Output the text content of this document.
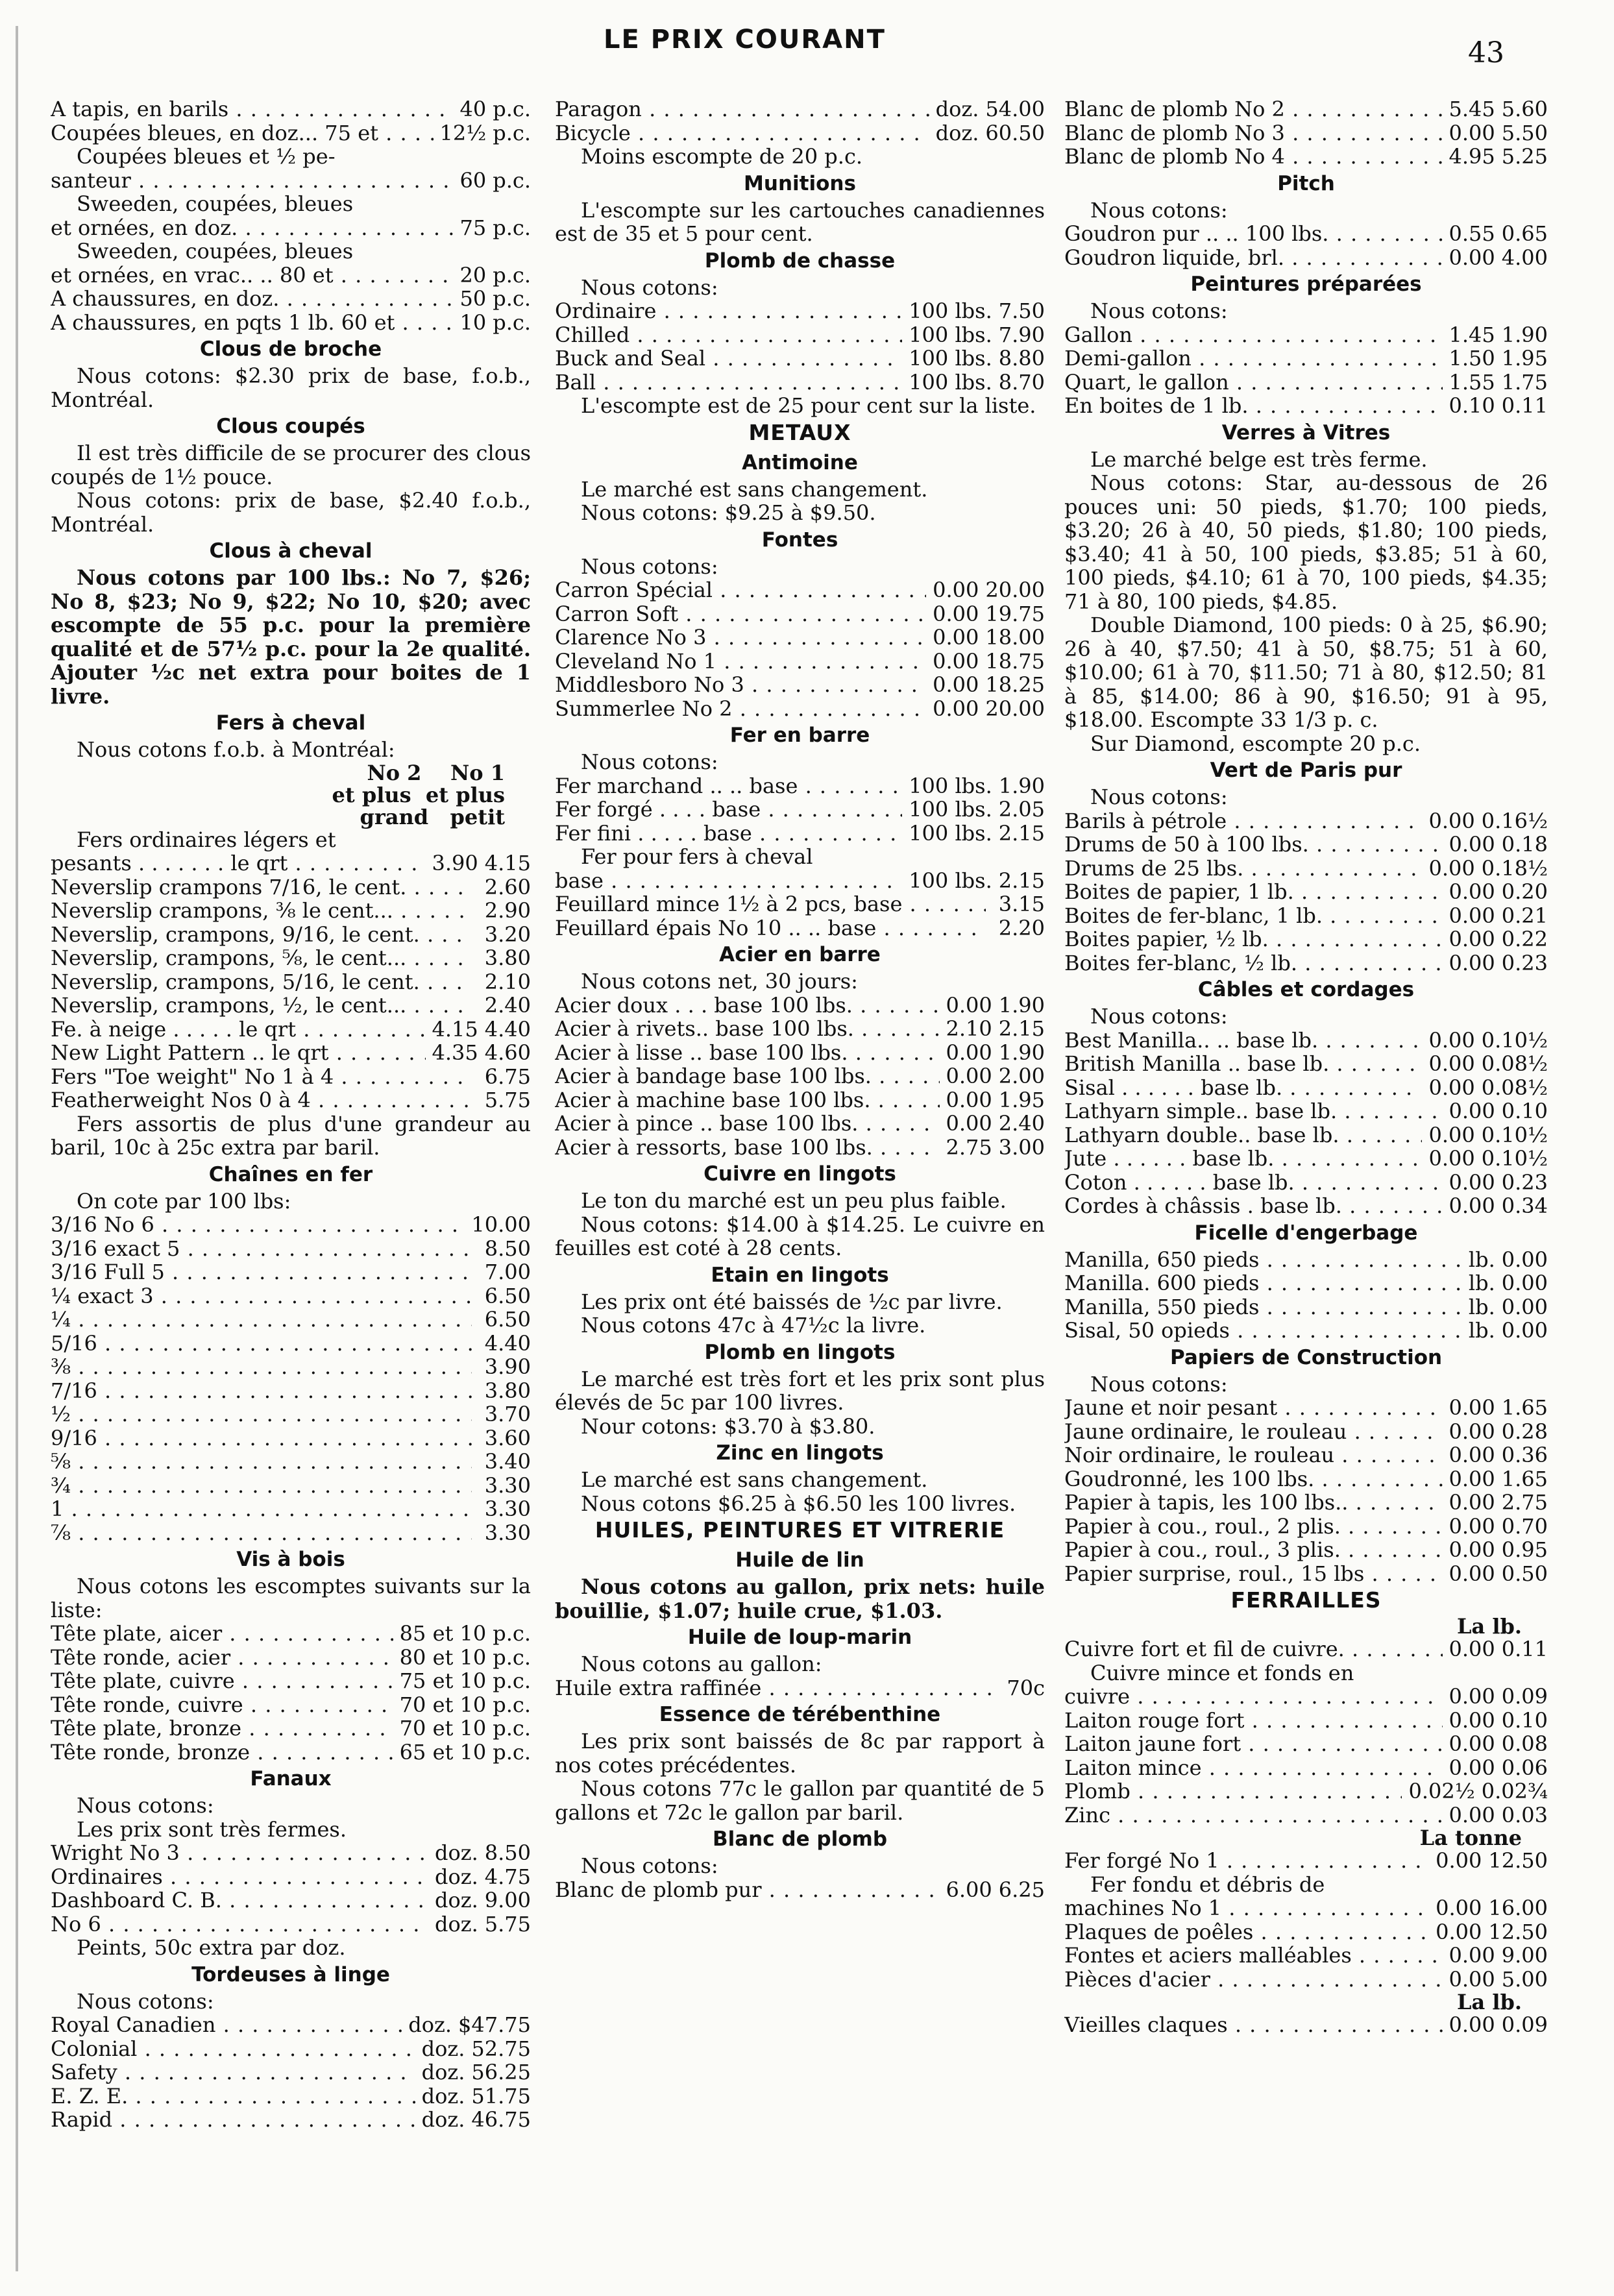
LE PRIX COURANT	43
A tapis, en barils . . .	40 p.c.
Coupées bleues, en doz... 75 et . . .	12½ p.c.
Coupées bleues et ½ pe-
santeur . . .	60 p.c.
Sweeden, coupées, bleues
et ornées, en doz. . . .	75 p.c.
Sweeden, coupées, bleues
et ornées, en vrac.. .. 80 et . . .	20 p.c.
A chaussures, en doz. . . .	50 p.c.
A chaussures, en pqts 1 lb. 60 et . . .	10 p.c.
Clous de broche
Nous cotons: $2.30 prix de base, f.o.b., Montréal.
Clous coupés
Il est très difficile de se procurer des clous coupés de 1½ pouce.
Nous cotons: prix de base, $2.40 f.o.b., Montréal.
Clous à cheval
Nous cotons par 100 lbs.: No 7, $26; No 8, $23; No 9, $22; No 10, $20; avec escompte de 55 p.c. pour la première qualité et de 57½ p.c. pour la 2e qualité. Ajouter ½c net extra pour boites de 1 livre.
Fers à cheval
Nous cotons f.o.b. à Montréal:
No 2    No 1
et plus  et plus
grand   petit
Fers ordinaires légers et
pesants . . . . . . . le qrt . . .	3.90 4.15
Neverslip crampons 7/16, le cent. . . .	2.60
Neverslip crampons, ⅜ le cent... . . .	2.90
Neverslip, crampons, 9/16, le cent. . . .	3.20
Neverslip, crampons, ⅝, le cent... . . .	3.80
Neverslip, crampons, 5/16, le cent. . . .	2.10
Neverslip, crampons, ½, le cent... . . .	2.40
Fe. à neige . . . . . le qrt . . .	4.15 4.40
New Light Pattern .. le qrt . . .	4.35 4.60
Fers "Toe weight" No 1 à 4 . . .	6.75
Featherweight Nos 0 à 4 . . .	5.75
Fers assortis de plus d'une grandeur au baril, 10c à 25c extra par baril.
Chaînes en fer
On cote par 100 lbs:
3/16 No 6 . . .	10.00
3/16 exact 5 . . .	8.50
3/16 Full 5 . . .	7.00
¼ exact 3 . . .	6.50
¼ . . .	6.50
5/16 . . .	4.40
⅜ . . .	3.90
7/16 . . .	3.80
½ . . .	3.70
9/16 . . .	3.60
⅝ . . .	3.40
¾ . . .	3.30
1 . . .	3.30
⅞ . . .	3.30
Vis à bois
Nous cotons les escomptes suivants sur la liste:
Tête plate, aicer . . .	85 et 10 p.c.
Tête ronde, acier . . .	80 et 10 p.c.
Tête plate, cuivre . . .	75 et 10 p.c.
Tête ronde, cuivre . . .	70 et 10 p.c.
Tête plate, bronze . . .	70 et 10 p.c.
Tête ronde, bronze . . .	65 et 10 p.c.
Fanaux
Nous cotons:
Les prix sont très fermes.
Wright No 3 . . .	doz. 8.50
Ordinaires . . .	doz. 4.75
Dashboard C. B. . . .	doz. 9.00
No 6 . . .	doz. 5.75
Peints, 50c extra par doz.
Tordeuses à linge
Nous cotons:
Royal Canadien . . .	doz. $47.75
Colonial . . .	doz. 52.75
Safety . . .	doz. 56.25
E. Z. E. . . .	doz. 51.75
Rapid . . .	doz. 46.75
Paragon . . .	doz. 54.00
Bicycle . . .	doz. 60.50
Moins escompte de 20 p.c.
Munitions
L'escompte sur les cartouches canadiennes est de 35 et 5 pour cent.
Plomb de chasse
Nous cotons:
Ordinaire . . .	100 lbs. 7.50
Chilled . . .	100 lbs. 7.90
Buck and Seal . . .	100 lbs. 8.80
Ball . . .	100 lbs. 8.70
L'escompte est de 25 pour cent sur la liste.
METAUX
Antimoine
Le marché est sans changement.
Nous cotons: $9.25 à $9.50.
Fontes
Nous cotons:
Carron Spécial . . .	0.00 20.00
Carron Soft . . .	0.00 19.75
Clarence No 3 . . .	0.00 18.00
Cleveland No 1 . . .	0.00 18.75
Middlesboro No 3 . . .	0.00 18.25
Summerlee No 2 . . .	0.00 20.00
Fer en barre
Nous cotons:
Fer marchand .. .. base . . .	100 lbs. 1.90
Fer forgé . . . . base . . .	100 lbs. 2.05
Fer fini . . . . . base . . .	100 lbs. 2.15
Fer pour fers à cheval
base . . .	100 lbs. 2.15
Feuillard mince 1½ à 2 pcs, base . . .	3.15
Feuillard épais No 10 .. .. base . . .	2.20
Acier en barre
Nous cotons net, 30 jours:
Acier doux . . . base 100 lbs. . . .	0.00 1.90
Acier à rivets.. base 100 lbs. . . .	2.10 2.15
Acier à lisse .. base 100 lbs. . . .	0.00 1.90
Acier à bandage base 100 lbs. . . .	0.00 2.00
Acier à machine base 100 lbs. . . .	0.00 1.95
Acier à pince .. base 100 lbs. . . .	0.00 2.40
Acier à ressorts, base 100 lbs. . . .	2.75 3.00
Cuivre en lingots
Le ton du marché est un peu plus faible.
Nous cotons: $14.00 à $14.25. Le cuivre en feuilles est coté à 28 cents.
Etain en lingots
Les prix ont été baissés de ½c par livre.
Nous cotons 47c à 47½c la livre.
Plomb en lingots
Le marché est très fort et les prix sont plus élevés de 5c par 100 livres.
Nour cotons: $3.70 à $3.80.
Zinc en lingots
Le marché est sans changement.
Nous cotons $6.25 à $6.50 les 100 livres.
HUILES, PEINTURES ET VITRERIE
Huile de lin
Nous cotons au gallon, prix nets: huile bouillie, $1.07; huile crue, $1.03.
Huile de loup-marin
Nous cotons au gallon:
Huile extra raffinée . . .	70c
Essence de térébenthine
Les prix sont baissés de 8c par rapport à nos cotes précédentes.
Nous cotons 77c le gallon par quantité de 5 gallons et 72c le gallon par baril.
Blanc de plomb
Nous cotons:
Blanc de plomb pur . . .	6.00 6.25
Blanc de plomb No 2 . . .	5.45 5.60
Blanc de plomb No 3 . . .	0.00 5.50
Blanc de plomb No 4 . . .	4.95 5.25
Pitch
Nous cotons:
Goudron pur .. .. 100 lbs. . . .	0.55 0.65
Goudron liquide, brl. . . .	0.00 4.00
Peintures préparées
Nous cotons:
Gallon . . .	1.45 1.90
Demi-gallon . . .	1.50 1.95
Quart, le gallon . . .	1.55 1.75
En boites de 1 lb. . . .	0.10 0.11
Verres à Vitres
Le marché belge est très ferme.
Nous cotons: Star, au-dessous de 26 pouces uni: 50 pieds, $1.70; 100 pieds, $3.20; 26 à 40, 50 pieds, $1.80; 100 pieds, $3.40; 41 à 50, 100 pieds, $3.85; 51 à 60, 100 pieds, $4.10; 61 à 70, 100 pieds, $4.35; 71 à 80, 100 pieds, $4.85.
Double Diamond, 100 pieds: 0 à 25, $6.90; 26 à 40, $7.50; 41 à 50, $8.75; 51 à 60, $10.00; 61 à 70, $11.50; 71 à 80, $12.50; 81 à 85, $14.00; 86 à 90, $16.50; 91 à 95, $18.00. Escompte 33 1/3 p. c.
Sur Diamond, escompte 20 p.c.
Vert de Paris pur
Nous cotons:
Barils à pétrole . . .	0.00 0.16½
Drums de 50 à 100 lbs. . . .	0.00 0.18
Drums de 25 lbs. . . .	0.00 0.18½
Boites de papier, 1 lb. . . .	0.00 0.20
Boites de fer-blanc, 1 lb. . . .	0.00 0.21
Boites papier, ½ lb. . . .	0.00 0.22
Boites fer-blanc, ½ lb. . . .	0.00 0.23
Câbles et cordages
Nous cotons:
Best Manilla.. .. base lb. . . .	0.00 0.10½
British Manilla .. base lb. . . .	0.00 0.08½
Sisal . . . . . . base lb. . . .	0.00 0.08½
Lathyarn simple.. base lb. . . .	0.00 0.10
Lathyarn double.. base lb. . . .	0.00 0.10½
Jute . . . . . . base lb. . . .	0.00 0.10½
Coton . . . . . . base lb. . . .	0.00 0.23
Cordes à châssis . base lb. . . .	0.00 0.34
Ficelle d'engerbage
Manilla, 650 pieds . . .	lb. 0.00
Manilla. 600 pieds . . .	lb. 0.00
Manilla, 550 pieds . . .	lb. 0.00
Sisal, 50 opieds . . .	lb. 0.00
Papiers de Construction
Nous cotons:
Jaune et noir pesant . . .	0.00 1.65
Jaune ordinaire, le rouleau . . .	0.00 0.28
Noir ordinaire, le rouleau . . .	0.00 0.36
Goudronné, les 100 lbs. . . .	0.00 1.65
Papier à tapis, les 100 lbs.. . . .	0.00 2.75
Papier à cou., roul., 2 plis. . . .	0.00 0.70
Papier à cou., roul., 3 plis. . . .	0.00 0.95
Papier surprise, roul., 15 lbs . . .	0.00 0.50
FERRAILLES
La lb.
Cuivre fort et fil de cuivre. . . .	0.00 0.11
Cuivre mince et fonds en
cuivre . . .	0.00 0.09
Laiton rouge fort . . .	0.00 0.10
Laiton jaune fort . . .	0.00 0.08
Laiton mince . . .	0.00 0.06
Plomb . . .	0.02½ 0.02¾
Zinc . . .	0.00 0.03
La tonne
Fer forgé No 1 . . .	0.00 12.50
Fer fondu et débris de
machines No 1 . . .	0.00 16.00
Plaques de poêles . . .	0.00 12.50
Fontes et aciers malléables . . .	0.00 9.00
Pièces d'acier . . .	0.00 5.00
La lb.
Vieilles claques . . .	0.00 0.09
